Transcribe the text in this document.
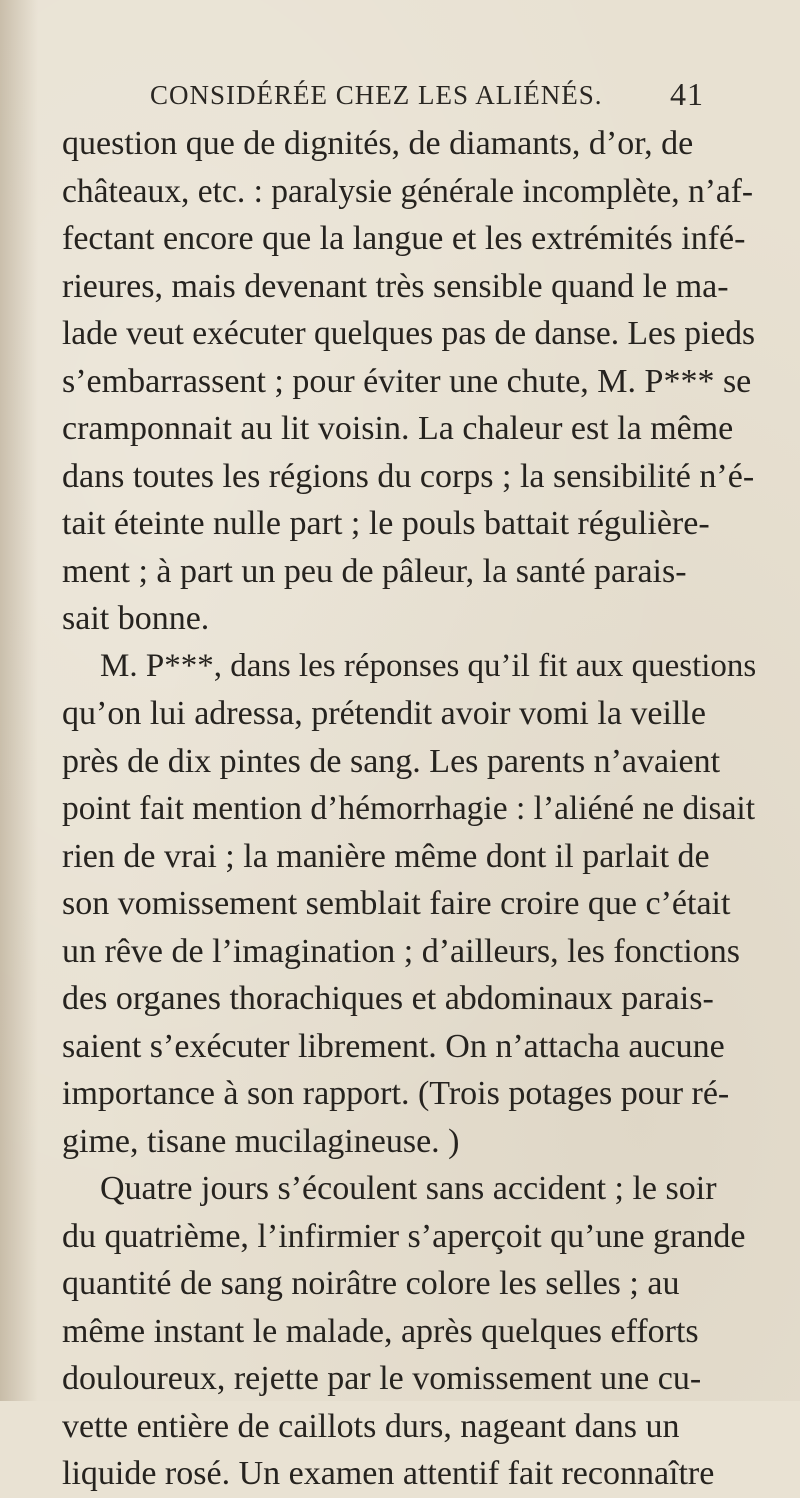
CONSIDÉRÉE CHEZ LES ALIÉNÉS. 41
question que de dignités, de diamants, d’or, de
châteaux, etc. : paralysie générale incomplète, n’af-
fectant encore que la langue et les extrémités infé-
rieures, mais devenant très sensible quand le ma-
lade veut exécuter quelques pas de danse. Les pieds
s’embarrassent ; pour éviter une chute, M. P*** se
cramponnait au lit voisin. La chaleur est la même
dans toutes les régions du corps ; la sensibilité n’é-
tait éteinte nulle part ; le pouls battait régulière-
ment ; à part un peu de pâleur, la santé parais-
sait bonne.
M. P***, dans les réponses qu’il fit aux questions
qu’on lui adressa, prétendit avoir vomi la veille
près de dix pintes de sang. Les parents n’avaient
point fait mention d’hémorrhagie : l’aliéné ne disait
rien de vrai ; la manière même dont il parlait de
son vomissement semblait faire croire que c’était
un rêve de l’imagination ; d’ailleurs, les fonctions
des organes thorachiques et abdominaux parais-
saient s’exécuter librement. On n’attacha aucune
importance à son rapport. (Trois potages pour ré-
gime, tisane mucilagineuse. )
Quatre jours s’écoulent sans accident ; le soir
du quatrième, l’infirmier s’aperçoit qu’une grande
quantité de sang noirâtre colore les selles ; au
même instant le malade, après quelques efforts
douloureux, rejette par le vomissement une cu-
vette entière de caillots durs, nageant dans un
liquide rosé. Un examen attentif fait reconnaître
